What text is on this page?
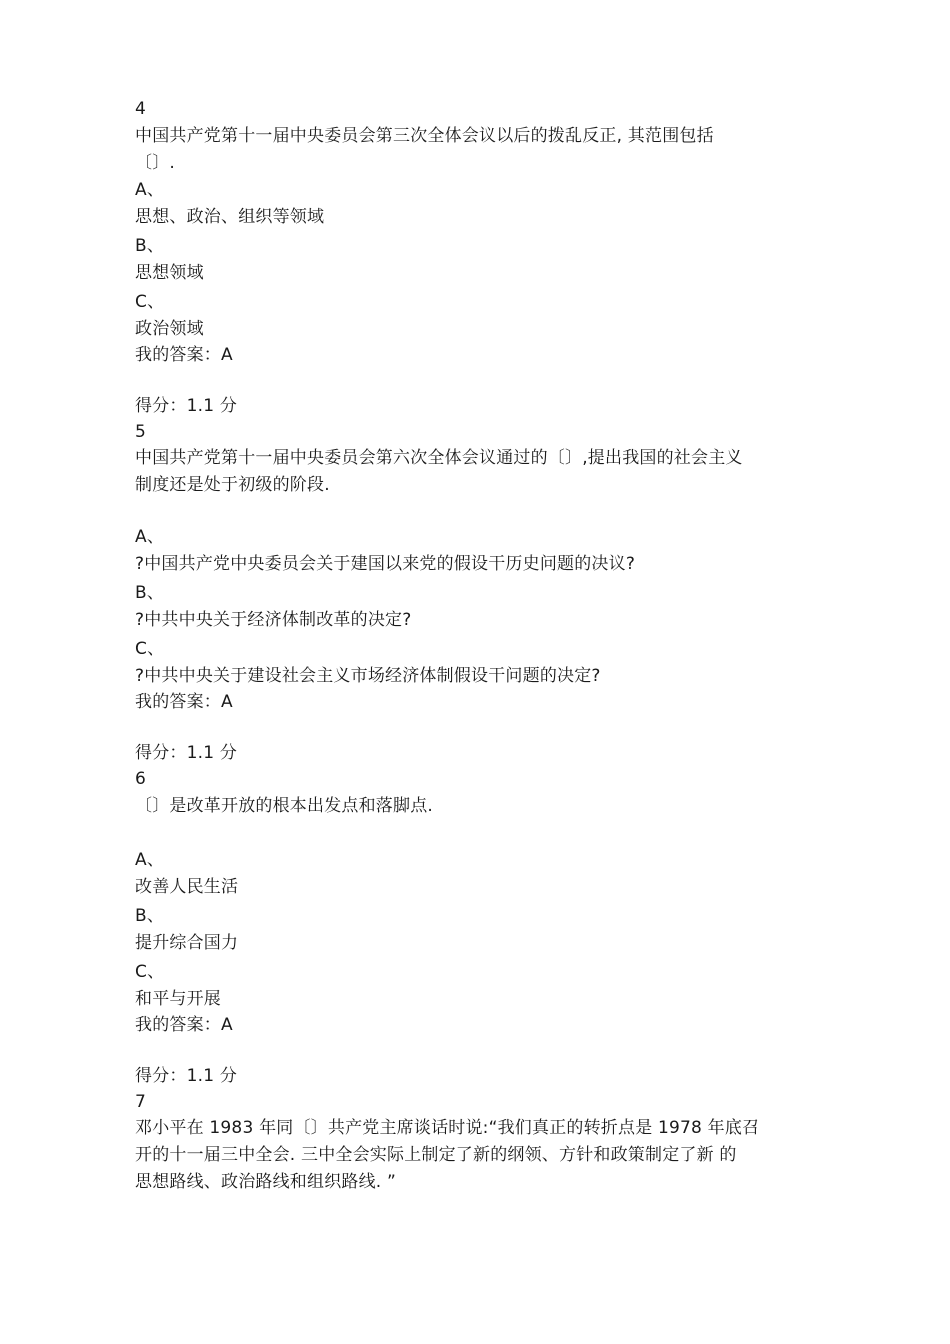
4
中国共产党第十一届中央委员会第三次全体会议以后的拨乱反正, 其范围包括
〔〕.
A、
思想、政治、组织等领域
B、
思想领域
C、
政治领域
我的答案：A
得分：1.1 分
5
中国共产党第十一届中央委员会第六次全体会议通过的〔〕,提出我国的社会主义
制度还是处于初级的阶段.
A、
?中国共产党中央委员会关于建国以来党的假设干历史问题的决议?
B、
?中共中央关于经济体制改革的决定?
C、
?中共中央关于建设社会主义市场经济体制假设干问题的决定?
我的答案：A
得分：1.1 分
6
〔〕是改革开放的根本出发点和落脚点.
A、
改善人民生活
B、
提升综合国力
C、
和平与开展
我的答案：A
得分：1.1 分
7
邓小平在 1983 年同〔〕共产党主席谈话时说:“我们真正的转折点是 1978 年底召
开的十一届三中全会. 三中全会实际上制定了新的纲领、方针和政策制定了新 的
思想路线、政治路线和组织路线. ”
